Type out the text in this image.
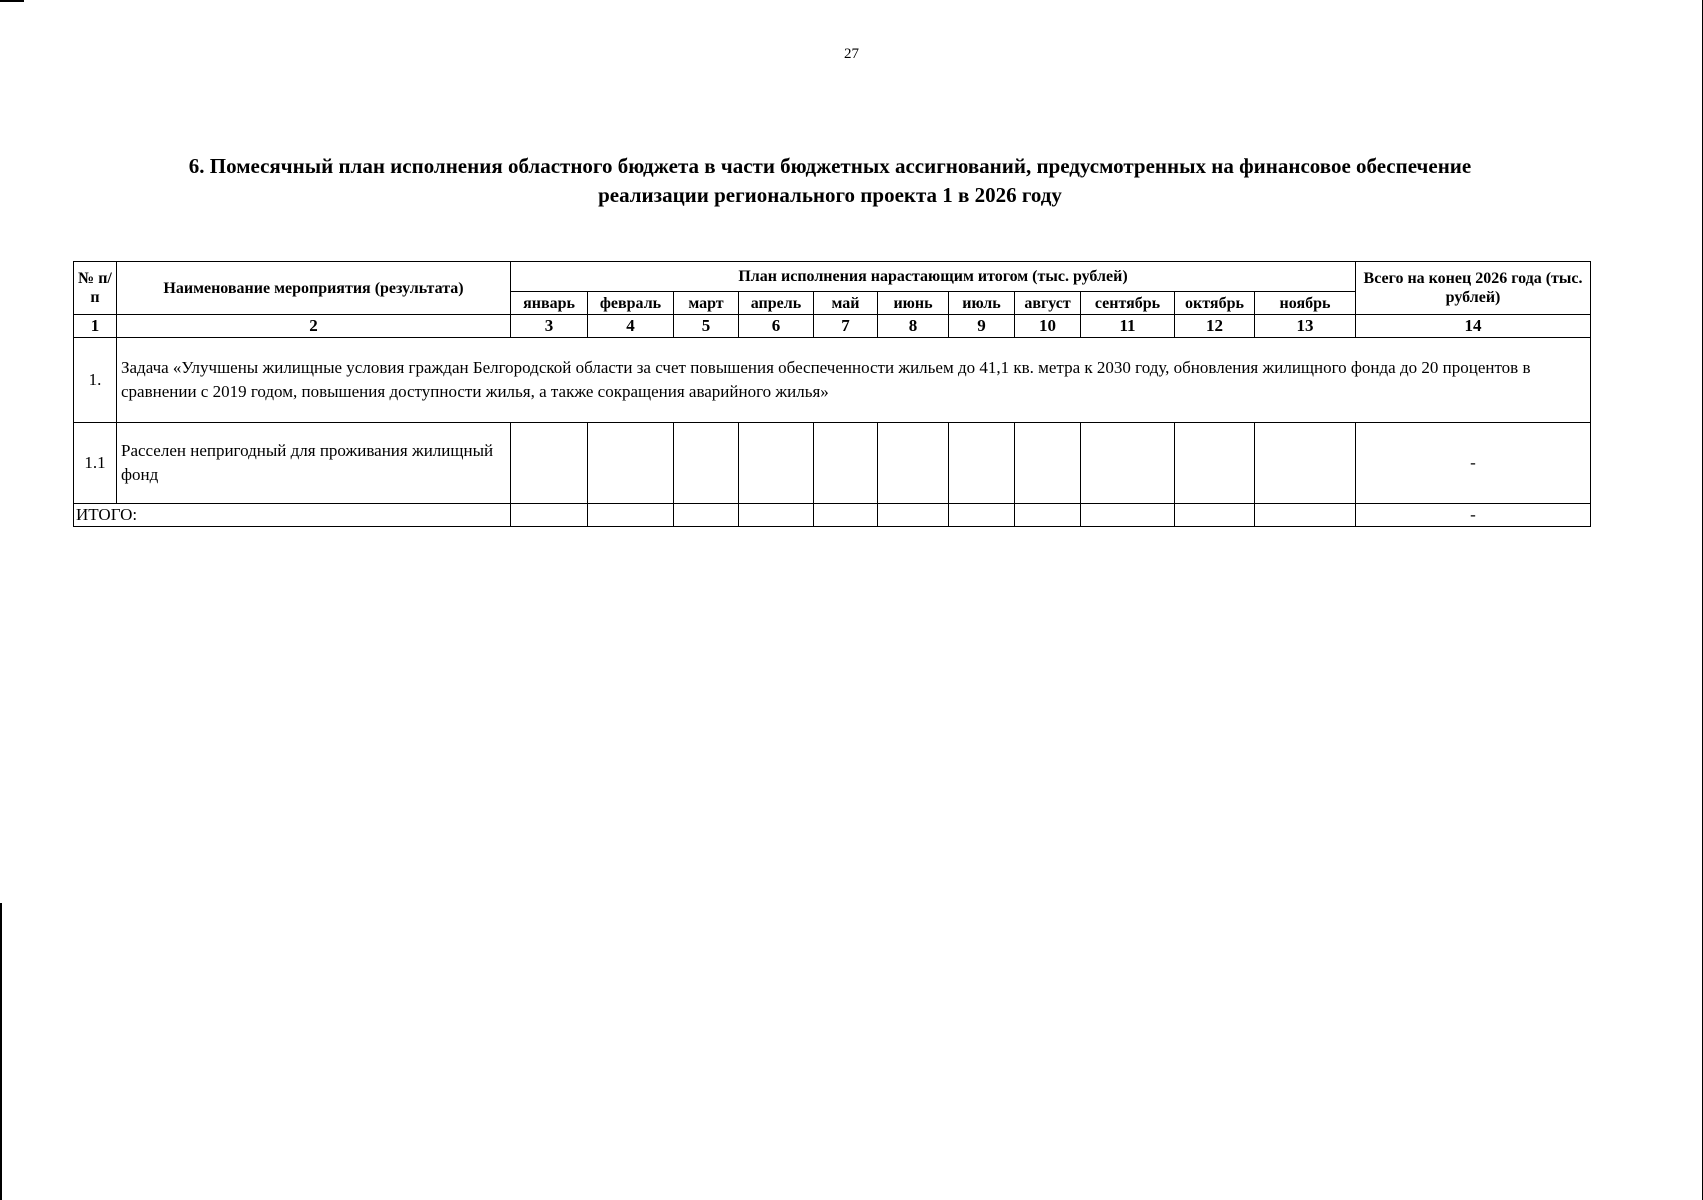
27
6. Помесячный план исполнения областного бюджета в части бюджетных ассигнований, предусмотренных на финансовое обеспечение
реализации регионального проекта 1 в 2026 году
№ п/п	Наименование мероприятия (результата)	План исполнения нарастающим итогом (тыс. рублей)											Всего на конец 2026 года (тыс. рублей)
		январь	февраль	март	апрель	май	июнь	июль	август	сентябрь	октябрь	ноябрь	
1	2	3	4	5	6	7	8	9	10	11	12	13	14
1.	Задача «Улучшены жилищные условия граждан Белгородской области за счет повышения обеспеченности жильем до 41,1 кв. метра к 2030 году, обновления жилищного фонда до 20 процентов в сравнении с 2019 годом, повышения доступности жилья, а также сокращения аварийного жилья»												
1.1	Расселен непригодный для проживания жилищный фонд												-
ИТОГО:													-
